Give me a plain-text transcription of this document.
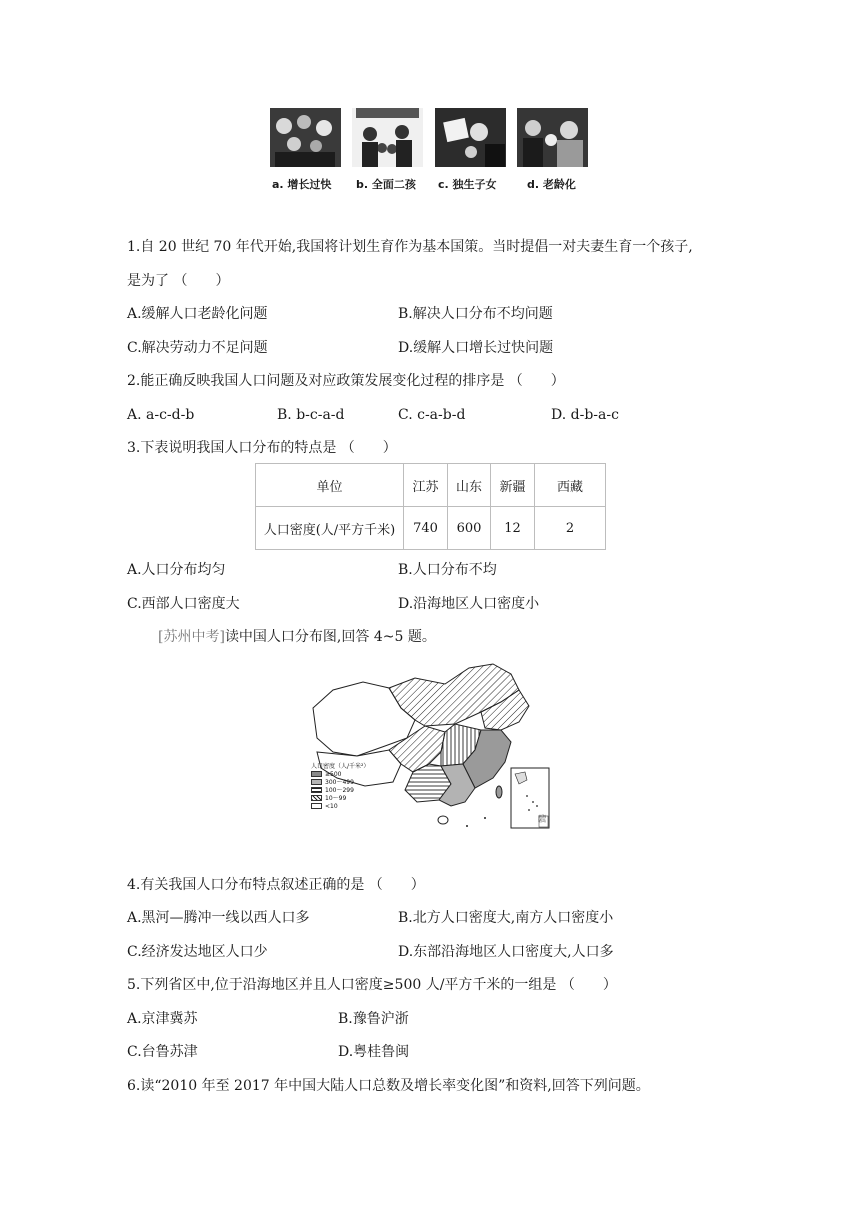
a. 增长过快 b. 全面二孩 c. 独生子女	d. 老龄化
1.自 20 世纪 70 年代开始,我国将计划生育作为基本国策。当时提倡一对夫妻生育一个孩子,
是为了 （　　）
A.缓解人口老龄化问题	B.解决人口分布不均问题
C.解决劳动力不足问题	D.缓解人口增长过快问题
2.能正确反映我国人口问题及对应政策发展变化过程的排序是 （　　）
A. a-c-d-b	B. b-c-a-d	C. c-a-b-d	D. d-b-a-c
3.下表说明我国人口分布的特点是 （　　）
单位	江苏	山东	新疆	西藏
人口密度(人/平方千米)	740	600	12	2
A.人口分布均匀	B.人口分布不均
C.西部人口密度大	D.沿海地区人口密度小
[苏州中考]读中国人口分布图,回答 4~5 题。
南海诸岛
人口密度（人/千米²）
≥500
300～499
100～299
10～99
<10
4.有关我国人口分布特点叙述正确的是 （　　）
A.黑河—腾冲一线以西人口多	B.北方人口密度大,南方人口密度小
C.经济发达地区人口少	D.东部沿海地区人口密度大,人口多
5.下列省区中,位于沿海地区并且人口密度≥500 人/平方千米的一组是 （　　）
A.京津冀苏	B.豫鲁沪浙
C.台鲁苏津	D.粤桂鲁闽
6.读“2010 年至 2017 年中国大陆人口总数及增长率变化图”和资料,回答下列问题。
